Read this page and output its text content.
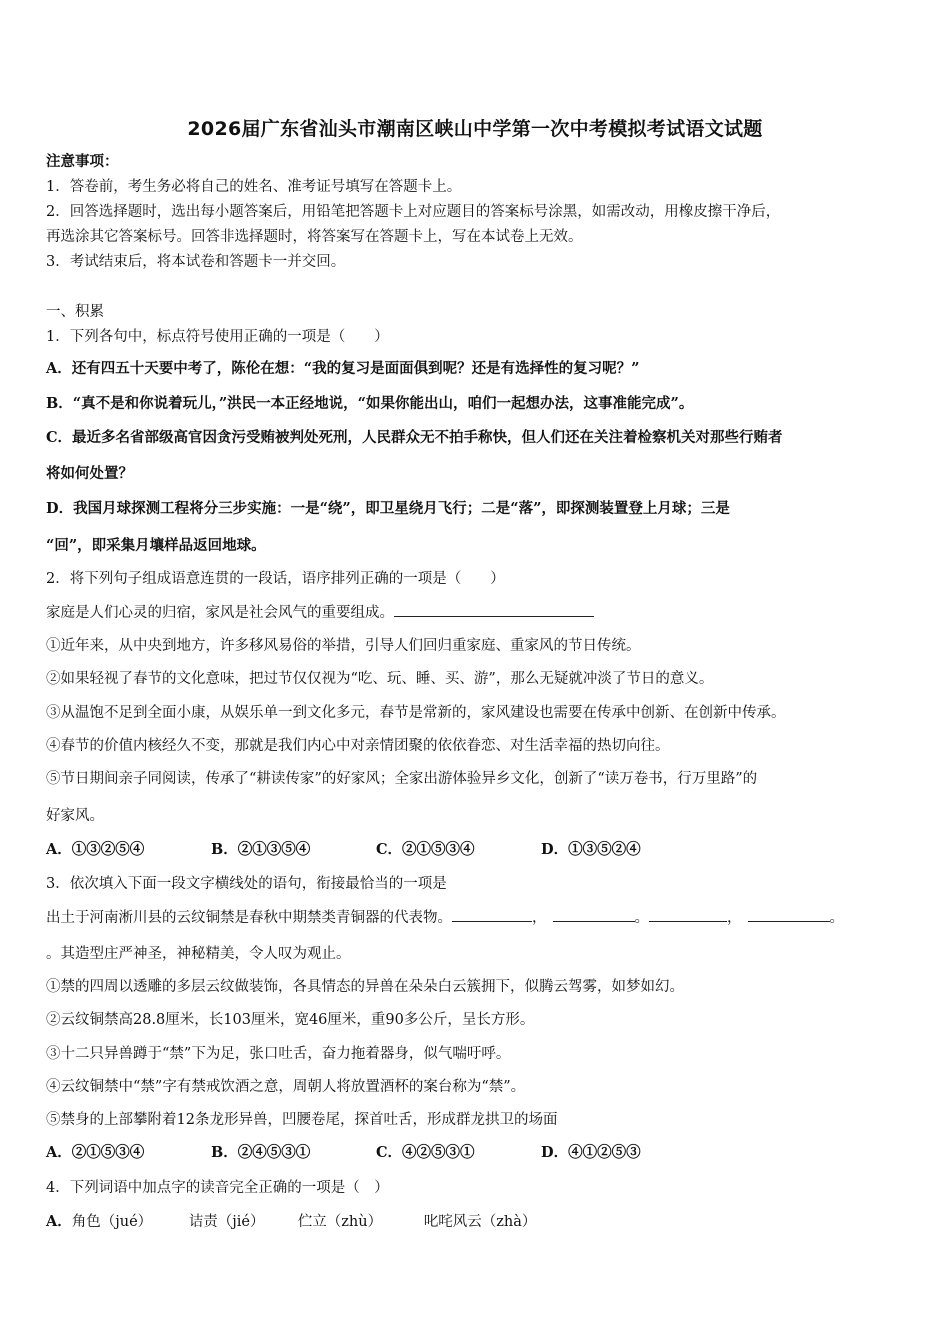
2026届广东省汕头市潮南区峡山中学第一次中考模拟考试语文试题
注意事项：
1．答卷前，考生务必将自己的姓名、准考证号填写在答题卡上。
2．回答选择题时，选出每小题答案后，用铅笔把答题卡上对应题目的答案标号涂黑，如需改动，用橡皮擦干净后，
再选涂其它答案标号。回答非选择题时，将答案写在答题卡上，写在本试卷上无效。
3．考试结束后，将本试卷和答题卡一并交回。
一、积累
1．下列各句中，标点符号使用正确的一项是（　　）
A．还有四五十天要中考了，陈伦在想：“我的复习是面面俱到呢？还是有选择性的复习呢？”
B．“真不是和你说着玩儿，”洪民一本正经地说，“如果你能出山，咱们一起想办法，这事准能完成”。
C．最近多名省部级高官因贪污受贿被判处死刑，人民群众无不拍手称快，但人们还在关注着检察机关对那些行贿者
将如何处置？
D．我国月球探测工程将分三步实施：一是“绕”，即卫星绕月飞行；二是“落”，即探测装置登上月球；三是
“回”，即采集月壤样品返回地球。
2．将下列句子组成语意连贯的一段话，语序排列正确的一项是（　　）
家庭是人们心灵的归宿，家风是社会风气的重要组成。
①近年来，从中央到地方，许多移风易俗的举措，引导人们回归重家庭、重家风的节日传统。
②如果轻视了春节的文化意味，把过节仅仅视为“吃、玩、睡、买、游”，那么无疑就冲淡了节日的意义。
③从温饱不足到全面小康，从娱乐单一到文化多元，春节是常新的，家风建设也需要在传承中创新、在创新中传承。
④春节的价值内核经久不变，那就是我们内心中对亲情团聚的依依眷恋、对生活幸福的热切向往。
⑤节日期间亲子同阅读，传承了“耕读传家”的好家风；全家出游体验异乡文化，创新了“读万卷书，行万里路”的
好家风。
A．①③②⑤④	B．②①③⑤④	C．②①⑤③④	D．①③⑤②④
3．依次填入下面一段文字横线处的语句，衔接最恰当的一项是
出土于河南淅川县的云纹铜禁是春秋中期禁类青铜器的代表物。	，	。	，	。
。其造型庄严神圣，神秘精美，令人叹为观止。
①禁的四周以透雕的多层云纹做装饰，各具情态的异兽在朵朵白云簇拥下，似腾云驾雾，如梦如幻。
②云纹铜禁高28.8厘米，长103厘米，宽46厘米，重90多公斤，呈长方形。
③十二只异兽蹲于“禁”下为足，张口吐舌，奋力拖着器身，似气喘吁呼。
④云纹铜禁中“禁”字有禁戒饮酒之意，周朝人将放置酒杯的案台称为“禁”。
⑤禁身的上部攀附着12条龙形异兽，凹腰卷尾，探首吐舌，形成群龙拱卫的场面
A．②①⑤③④	B．②④⑤③①	C．④②⑤③①	D．④①②⑤③
4．下列词语中加点字的读音完全正确的一项是（　）
A．角色（jué）	诘责（jié） 伫立（zhù）	叱咤风云（zhà）
